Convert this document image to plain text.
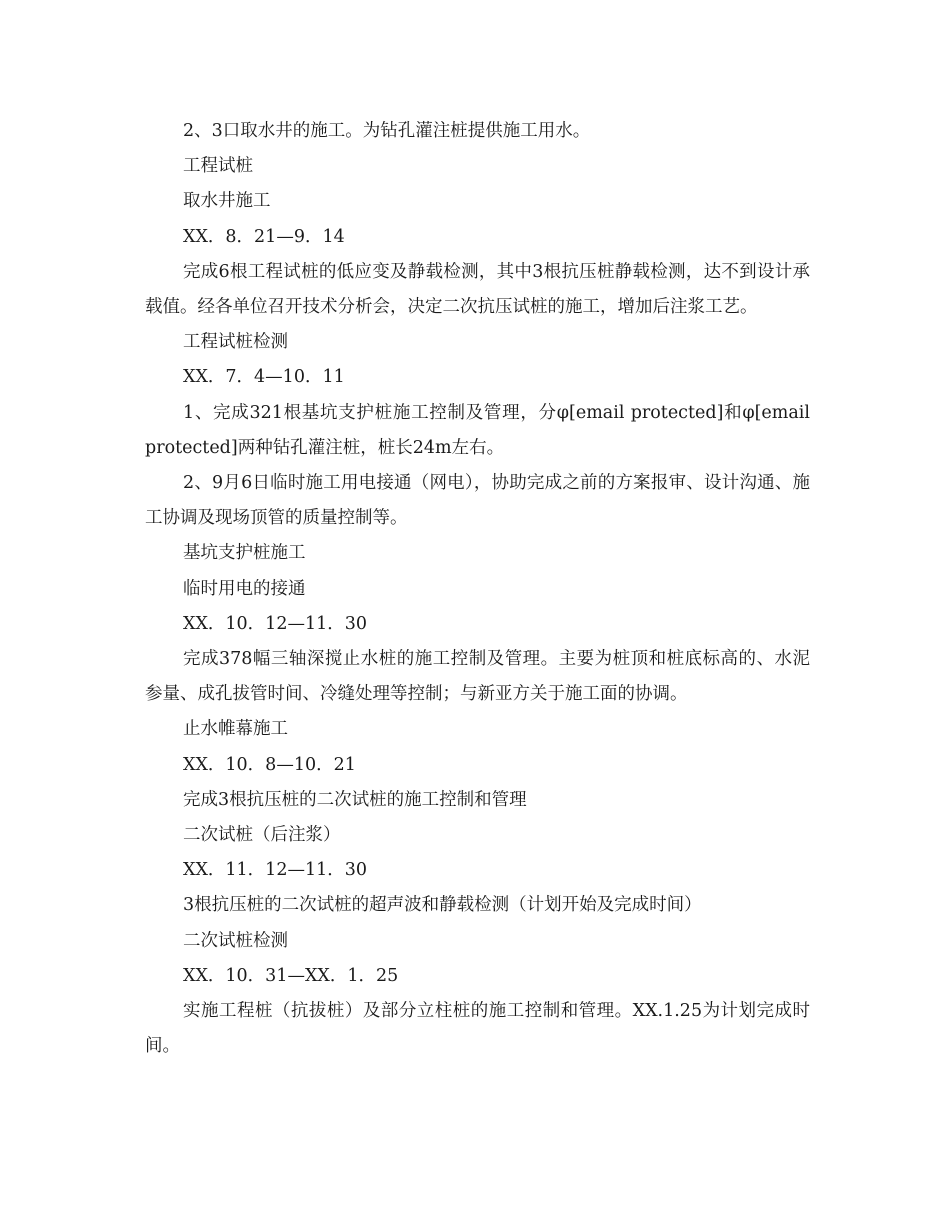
2、3口取水井的施工。为钻孔灌注桩提供施工用水。

工程试桩

取水井施工

XX．8．21—9．14

完成6根工程试桩的低应变及静载检测，其中3根抗压桩静载检测，达不到设计承载值。经各单位召开技术分析会，决定二次抗压试桩的施工，增加后注浆工艺。

工程试桩检测

XX．7．4—10．11

1、完成321根基坑支护桩施工控制及管理，分φ[email protected]和φ[email protected]两种钻孔灌注桩，桩长24m左右。

2、9月6日临时施工用电接通（网电），协助完成之前的方案报审、设计沟通、施工协调及现场顶管的质量控制等。

基坑支护桩施工

临时用电的接通

XX．10．12—11．30

完成378幅三轴深搅止水桩的施工控制及管理。主要为桩顶和桩底标高的、水泥参量、成孔拔管时间、冷缝处理等控制；与新亚方关于施工面的协调。

止水帷幕施工

XX．10．8—10．21

完成3根抗压桩的二次试桩的施工控制和管理

二次试桩（后注浆）

XX．11．12—11．30

3根抗压桩的二次试桩的超声波和静载检测（计划开始及完成时间）

二次试桩检测

XX．10．31—XX．1．25

实施工程桩（抗拔桩）及部分立柱桩的施工控制和管理。XX.1.25为计划完成时间。
